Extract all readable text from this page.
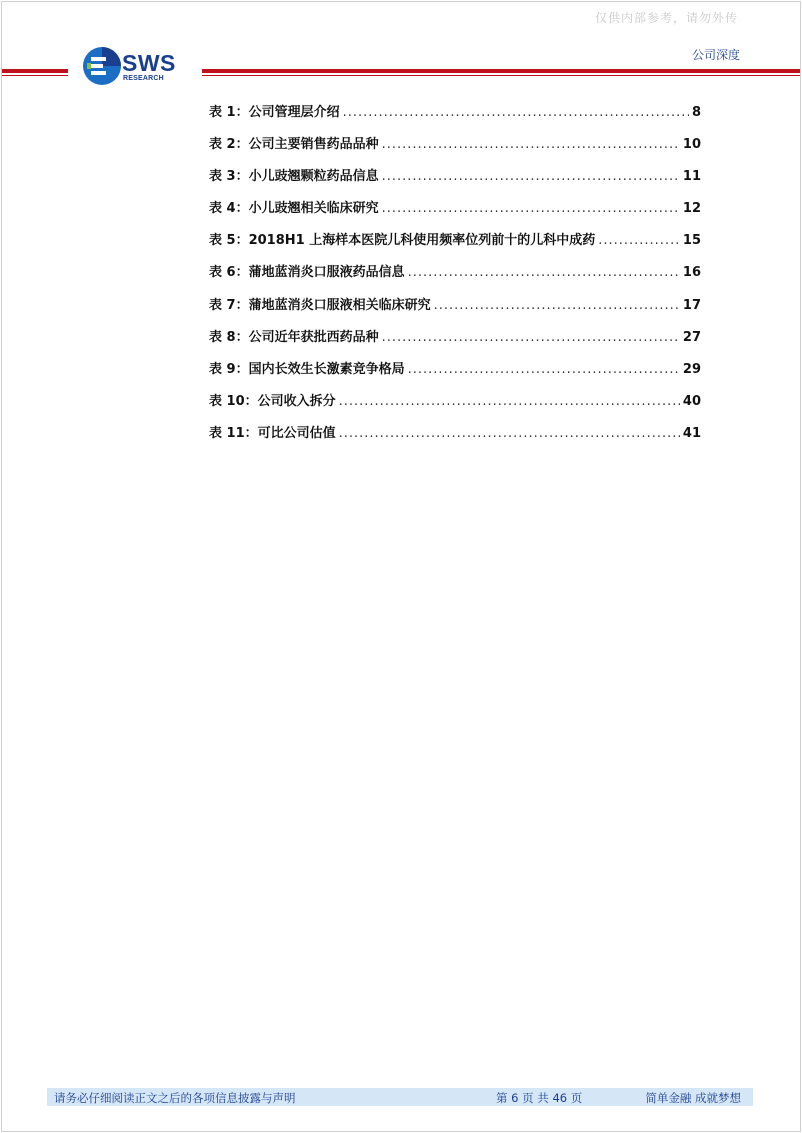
仅供内部参考，请勿外传
SWS
RESEARCH
公司深度
表 1：公司管理层介绍 .....	8
表 2：公司主要销售药品品种 .....	10
表 3：小儿豉翘颗粒药品信息 .....	11
表 4：小儿豉翘相关临床研究 .....	12
表 5：2018H1 上海样本医院儿科使用频率位列前十的儿科中成药 .....	15
表 6：蒲地蓝消炎口服液药品信息 .....	16
表 7：蒲地蓝消炎口服液相关临床研究 .....	17
表 8：公司近年获批西药品种 .....	27
表 9：国内长效生长激素竞争格局 .....	29
表 10：公司收入拆分 .....	40
表 11：可比公司估值 .....	41
请务必仔细阅读正文之后的各项信息披露与声明	第 6 页 共 46 页	简单金融 成就梦想
